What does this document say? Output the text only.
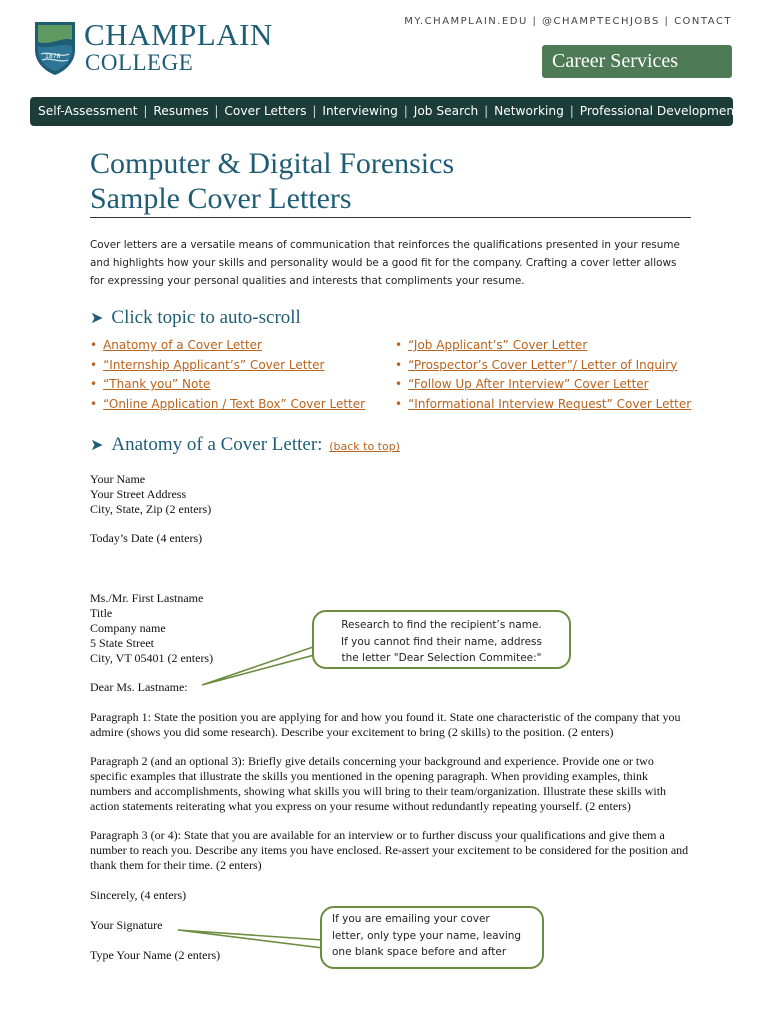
1878
CHAMPLAIN
COLLEGE
MY.CHAMPLAIN.EDU | @CHAMPTECHJOBS | CONTACT
Career Services
Self-Assessment | Resumes | Cover Letters | Interviewing | Job Search | Networking | Professional Development
Computer & Digital Forensics
Sample Cover Letters
Cover letters are a versatile means of communication that reinforces the qualifications presented in your resume and highlights how your skills and personality would be a good fit for the company. Crafting a cover letter allows for expressing your personal qualities and interests that compliments your resume.
➤ Click topic to auto-scroll
• Anatomy of a Cover Letter
• “Internship Applicant’s” Cover Letter
• “Thank you” Note
• “Online Application / Text Box” Cover Letter
• “Job Applicant’s” Cover Letter
• “Prospector’s Cover Letter”/ Letter of Inquiry
• “Follow Up After Interview” Cover Letter
• “Informational Interview Request” Cover Letter
➤ Anatomy of a Cover Letter: (back to top)
Your Name
Your Street Address
City, State, Zip (2 enters)
Today’s Date (4 enters)
Ms./Mr. First Lastname
Title
Company name
5 State Street
City, VT 05401 (2 enters)
Dear Ms. Lastname:
Paragraph 1: State the position you are applying for and how you found it. State one characteristic of the company that you admire (shows you did some research). Describe your excitement to bring (2 skills) to the position. (2 enters)
Paragraph 2 (and an optional 3): Briefly give details concerning your background and experience. Provide one or two specific examples that illustrate the skills you mentioned in the opening paragraph. When providing examples, think numbers and accomplishments, showing what skills you will bring to their team/organization. Illustrate these skills with action statements reiterating what you express on your resume without redundantly repeating yourself. (2 enters)
Paragraph 3 (or 4): State that you are available for an interview or to further discuss your qualifications and give them a number to reach you. Describe any items you have enclosed. Re-assert your excitement to be considered for the position and thank them for their time. (2 enters)
Sincerely, (4 enters)
Your Signature
Type Your Name (2 enters)
Research to find the recipient’s name.
If you cannot find their name, address
the letter "Dear Selection Commitee:"
If you are emailing your cover
letter, only type your name, leaving
one blank space before and after
